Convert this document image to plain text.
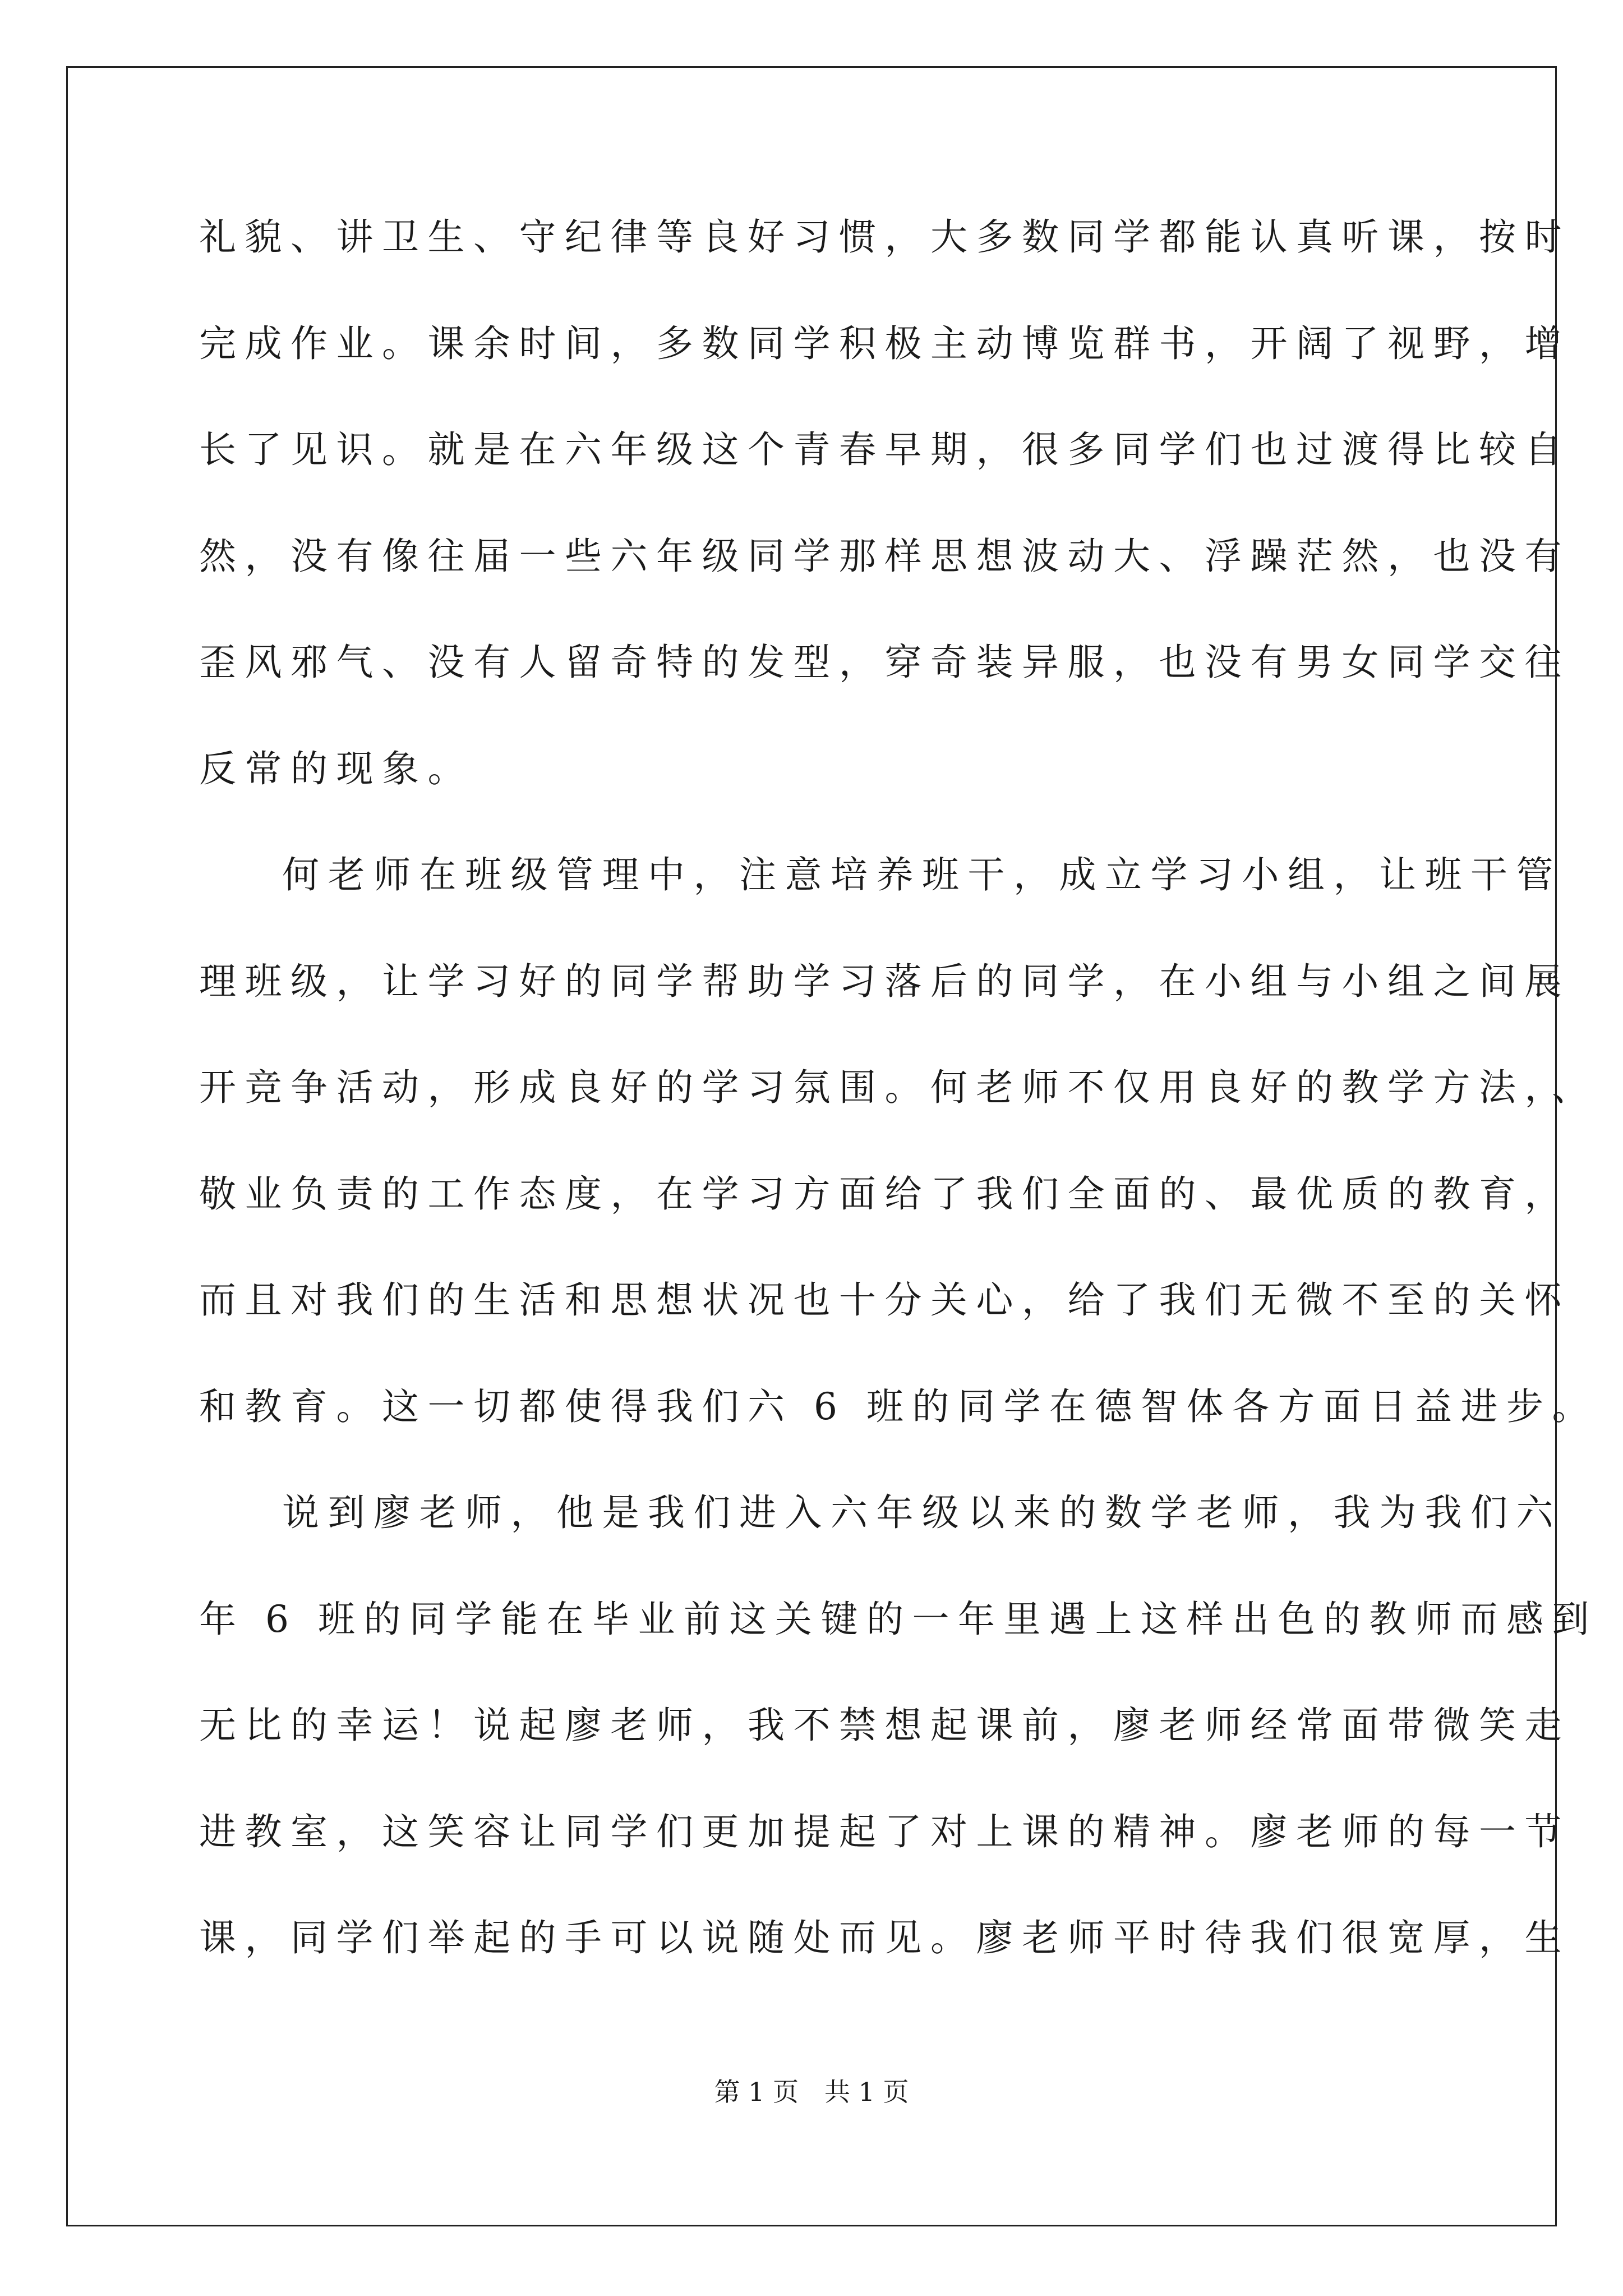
礼貌、讲卫生、守纪律等良好习惯，大多数同学都能认真听课，按时
完成作业。课余时间，多数同学积极主动博览群书，开阔了视野，增
长了见识。就是在六年级这个青春早期，很多同学们也过渡得比较自
然，没有像往届一些六年级同学那样思想波动大、浮躁茫然，也没有
歪风邪气、没有人留奇特的发型，穿奇装异服，也没有男女同学交往
反常的现象。
何老师在班级管理中，注意培养班干，成立学习小组，让班干管
理班级，让学习好的同学帮助学习落后的同学，在小组与小组之间展
开竞争活动，形成良好的学习氛围。何老师不仅用良好的教学方法，、
敬业负责的工作态度，在学习方面给了我们全面的、最优质的教育，
而且对我们的生活和思想状况也十分关心，给了我们无微不至的关怀
和教育。这一切都使得我们六 6 班的同学在德智体各方面日益进步。
说到廖老师，他是我们进入六年级以来的数学老师，我为我们六
年 6 班的同学能在毕业前这关键的一年里遇上这样出色的教师而感到
无比的幸运！说起廖老师，我不禁想起课前，廖老师经常面带微笑走
进教室，这笑容让同学们更加提起了对上课的精神。廖老师的每一节
课，同学们举起的手可以说随处而见。廖老师平时待我们很宽厚，生
第 1 页　共 1 页
